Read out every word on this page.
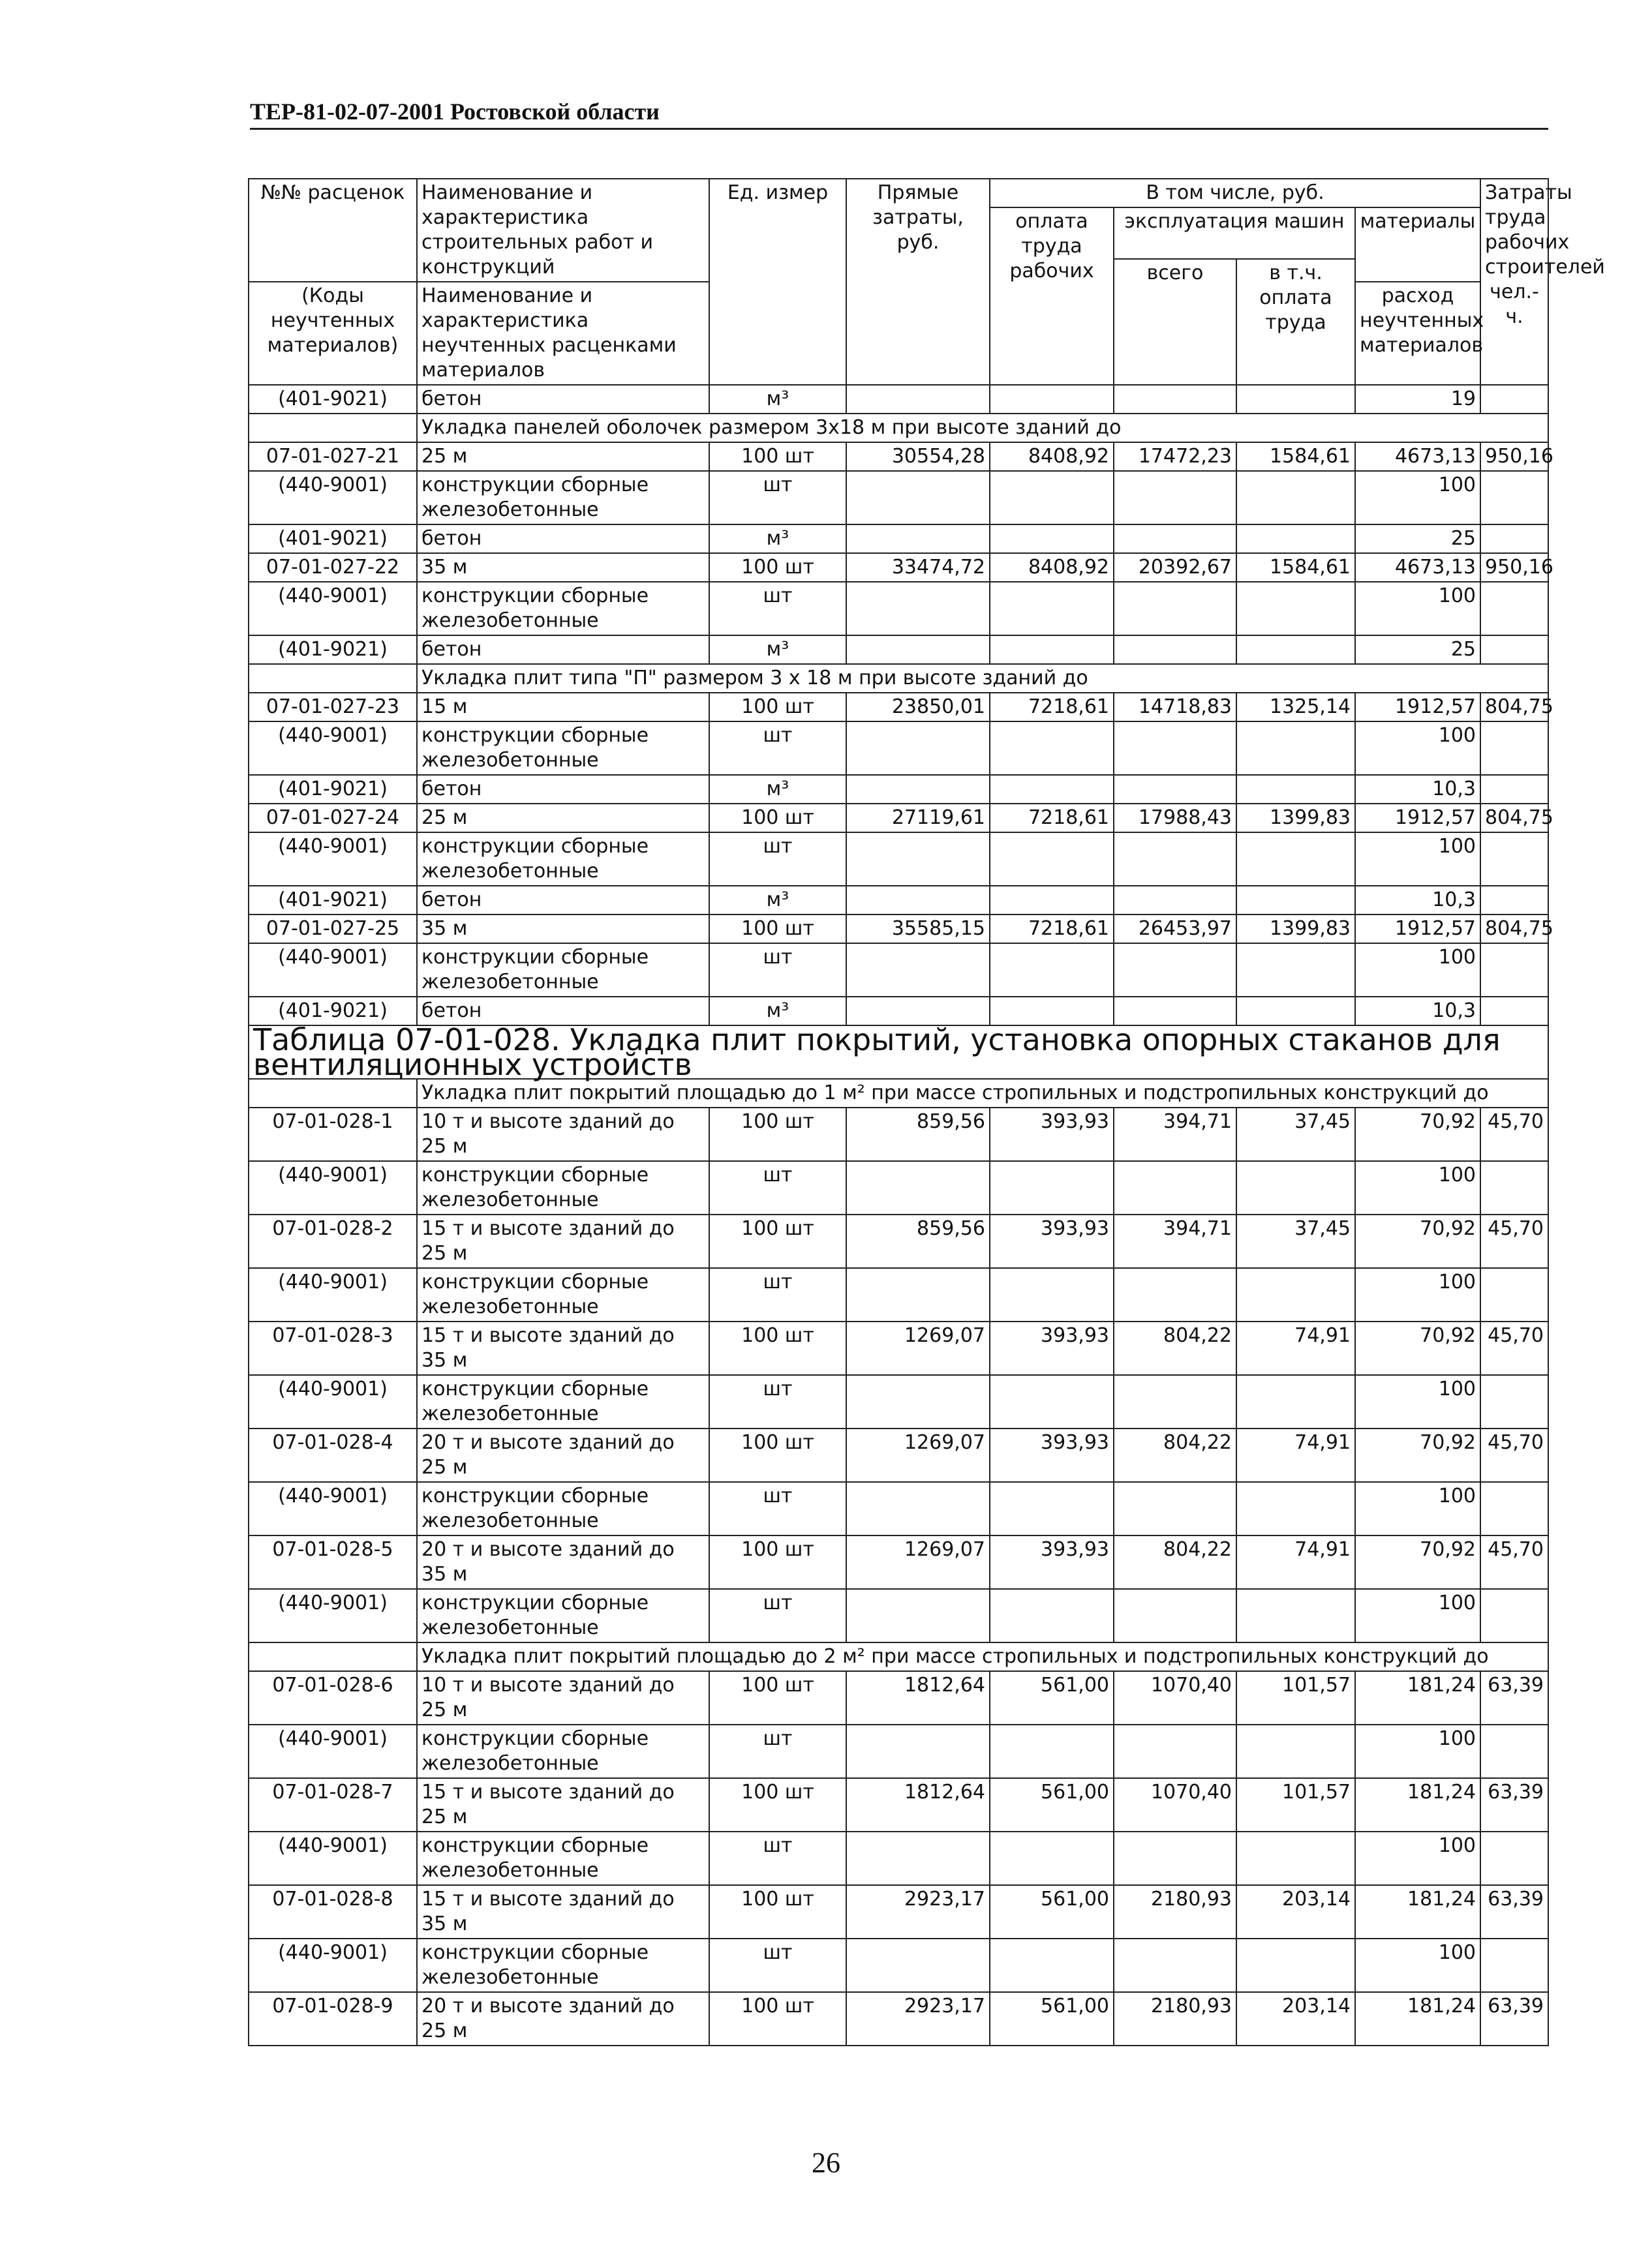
ТЕР-81-02-07-2001 Ростовской области
№№ расценок	Наименование и характеристика строительных работ и конструкций	Ед. измер	Прямые затраты, руб.	В том числе, руб.				Затраты труда рабочих строителей чел.-ч.
				оплата труда рабочих	эксплуатация машин		материалы	
					всего	в т.ч. оплата труда		
(Коды неучтенных материалов)	Наименование и характеристика неучтенных расценками материалов						расход неучтенных материалов	
(401-9021)	бетон	м³					19	
	Укладка панелей оболочек размером 3х18 м при высоте зданий до							
07-01-027-21	25 м	100 шт	30554,28	8408,92	17472,23	1584,61	4673,13	950,16
(440-9001)	конструкции сборные железобетонные	шт					100	
(401-9021)	бетон	м³					25	
07-01-027-22	35 м	100 шт	33474,72	8408,92	20392,67	1584,61	4673,13	950,16
(440-9001)	конструкции сборные железобетонные	шт					100	
(401-9021)	бетон	м³					25	
	Укладка плит типа "П" размером 3 х 18 м при высоте зданий до							
07-01-027-23	15 м	100 шт	23850,01	7218,61	14718,83	1325,14	1912,57	804,75
(440-9001)	конструкции сборные железобетонные	шт					100	
(401-9021)	бетон	м³					10,3	
07-01-027-24	25 м	100 шт	27119,61	7218,61	17988,43	1399,83	1912,57	804,75
(440-9001)	конструкции сборные железобетонные	шт					100	
(401-9021)	бетон	м³					10,3	
07-01-027-25	35 м	100 шт	35585,15	7218,61	26453,97	1399,83	1912,57	804,75
(440-9001)	конструкции сборные железобетонные	шт					100	
(401-9021)	бетон	м³					10,3	
Таблица 07-01-028. Укладка плит покрытий, установка опорных стаканов для вентиляционных устройств								
	Укладка плит покрытий площадью до 1 м² при массе стропильных и подстропильных конструкций до							
07-01-028-1	10 т и высоте зданий до 25 м	100 шт	859,56	393,93	394,71	37,45	70,92	45,70
(440-9001)	конструкции сборные железобетонные	шт					100	
07-01-028-2	15 т и высоте зданий до 25 м	100 шт	859,56	393,93	394,71	37,45	70,92	45,70
(440-9001)	конструкции сборные железобетонные	шт					100	
07-01-028-3	15 т и высоте зданий до 35 м	100 шт	1269,07	393,93	804,22	74,91	70,92	45,70
(440-9001)	конструкции сборные железобетонные	шт					100	
07-01-028-4	20 т и высоте зданий до 25 м	100 шт	1269,07	393,93	804,22	74,91	70,92	45,70
(440-9001)	конструкции сборные железобетонные	шт					100	
07-01-028-5	20 т и высоте зданий до 35 м	100 шт	1269,07	393,93	804,22	74,91	70,92	45,70
(440-9001)	конструкции сборные железобетонные	шт					100	
	Укладка плит покрытий площадью до 2 м² при массе стропильных и подстропильных конструкций до							
07-01-028-6	10 т и высоте зданий до 25 м	100 шт	1812,64	561,00	1070,40	101,57	181,24	63,39
(440-9001)	конструкции сборные железобетонные	шт					100	
07-01-028-7	15 т и высоте зданий до 25 м	100 шт	1812,64	561,00	1070,40	101,57	181,24	63,39
(440-9001)	конструкции сборные железобетонные	шт					100	
07-01-028-8	15 т и высоте зданий до 35 м	100 шт	2923,17	561,00	2180,93	203,14	181,24	63,39
(440-9001)	конструкции сборные железобетонные	шт					100	
07-01-028-9	20 т и высоте зданий до 25 м	100 шт	2923,17	561,00	2180,93	203,14	181,24	63,39
26
